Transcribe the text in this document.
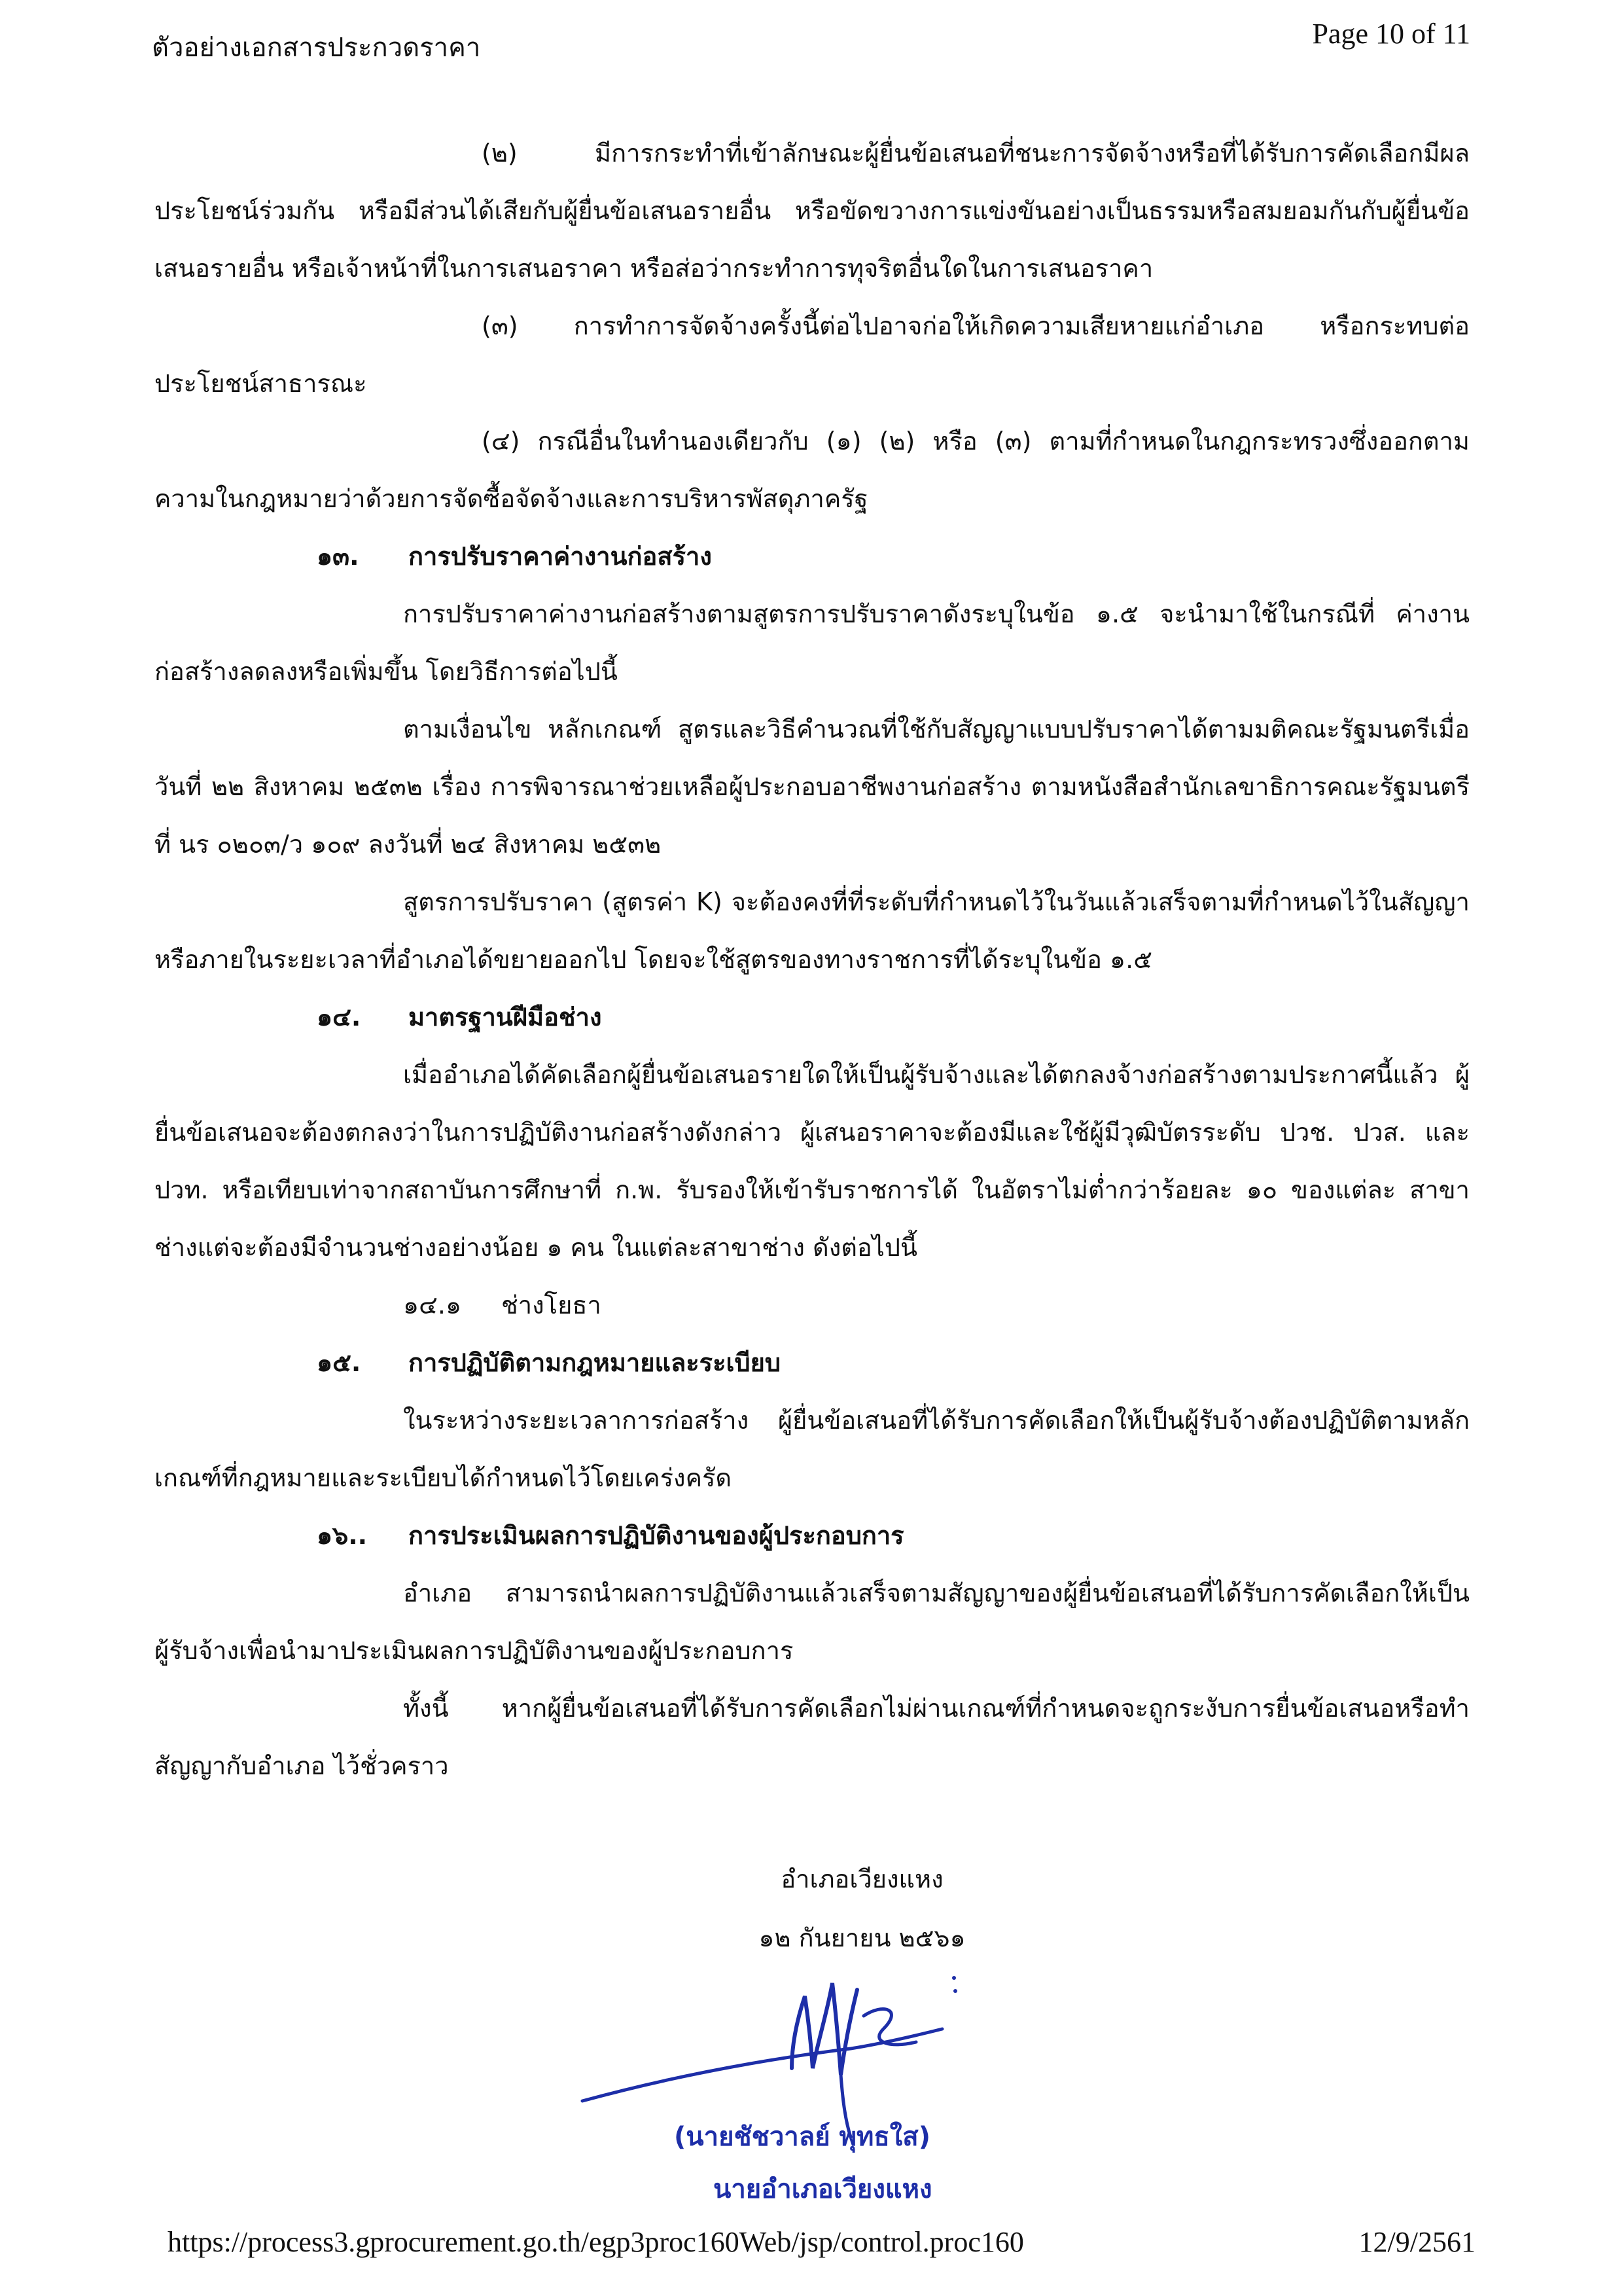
ตัวอย่างเอกสารประกวดราคา	Page 10 of 11

(๒) มีการกระทำที่เข้าลักษณะผู้ยื่นข้อเสนอที่ชนะการจัดจ้างหรือที่ได้รับการคัดเลือกมีผลประโยชน์ร่วมกัน หรือมีส่วนได้เสียกับผู้ยื่นข้อเสนอรายอื่น หรือขัดขวางการแข่งขันอย่างเป็นธรรมหรือสมยอมกันกับผู้ยื่นข้อเสนอรายอื่น หรือเจ้าหน้าที่ในการเสนอราคา หรือส่อว่ากระทำการทุจริตอื่นใดในการเสนอราคา

(๓) การทำการจัดจ้างครั้งนี้ต่อไปอาจก่อให้เกิดความเสียหายแก่อำเภอ หรือกระทบต่อประโยชน์สาธารณะ

(๔) กรณีอื่นในทำนองเดียวกับ (๑) (๒) หรือ (๓) ตามที่กำหนดในกฎกระทรวงซึ่งออกตามความในกฎหมายว่าด้วยการจัดซื้อจัดจ้างและการบริหารพัสดุภาครัฐ

๑๓. การปรับราคาค่างานก่อสร้าง

การปรับราคาค่างานก่อสร้างตามสูตรการปรับราคาดังระบุในข้อ ๑.๕ จะนำมาใช้ในกรณีที่ ค่างานก่อสร้างลดลงหรือเพิ่มขึ้น โดยวิธีการต่อไปนี้

ตามเงื่อนไข หลักเกณฑ์ สูตรและวิธีคำนวณที่ใช้กับสัญญาแบบปรับราคาได้ตามมติคณะรัฐมนตรีเมื่อวันที่ ๒๒ สิงหาคม ๒๕๓๒ เรื่อง การพิจารณาช่วยเหลือผู้ประกอบอาชีพงานก่อสร้าง ตามหนังสือสำนักเลขาธิการคณะรัฐมนตรี ที่ นร ๐๒๐๓/ว ๑๐๙ ลงวันที่ ๒๔ สิงหาคม ๒๕๓๒

สูตรการปรับราคา (สูตรค่า K) จะต้องคงที่ที่ระดับที่กำหนดไว้ในวันแล้วเสร็จตามที่กำหนดไว้ในสัญญา หรือภายในระยะเวลาที่อำเภอได้ขยายออกไป โดยจะใช้สูตรของทางราชการที่ได้ระบุในข้อ ๑.๕

๑๔. มาตรฐานฝีมือช่าง

เมื่ออำเภอได้คัดเลือกผู้ยื่นข้อเสนอรายใดให้เป็นผู้รับจ้างและได้ตกลงจ้างก่อสร้างตามประกาศนี้แล้ว ผู้ยื่นข้อเสนอจะต้องตกลงว่าในการปฏิบัติงานก่อสร้างดังกล่าว ผู้เสนอราคาจะต้องมีและใช้ผู้มีวุฒิบัตรระดับ ปวช. ปวส. และปวท. หรือเทียบเท่าจากสถาบันการศึกษาที่ ก.พ. รับรองให้เข้ารับราชการได้ ในอัตราไม่ต่ำกว่าร้อยละ ๑๐ ของแต่ละ สาขาช่างแต่จะต้องมีจำนวนช่างอย่างน้อย ๑ คน ในแต่ละสาขาช่าง ดังต่อไปนี้

๑๔.๑ ช่างโยธา

๑๕. การปฏิบัติตามกฎหมายและระเบียบ

ในระหว่างระยะเวลาการก่อสร้าง ผู้ยื่นข้อเสนอที่ได้รับการคัดเลือกให้เป็นผู้รับจ้างต้องปฏิบัติตามหลักเกณฑ์ที่กฎหมายและระเบียบได้กำหนดไว้โดยเคร่งครัด

๑๖.. การประเมินผลการปฏิบัติงานของผู้ประกอบการ

อำเภอ สามารถนำผลการปฏิบัติงานแล้วเสร็จตามสัญญาของผู้ยื่นข้อเสนอที่ได้รับการคัดเลือกให้เป็นผู้รับจ้างเพื่อนำมาประเมินผลการปฏิบัติงานของผู้ประกอบการ

ทั้งนี้ หากผู้ยื่นข้อเสนอที่ได้รับการคัดเลือกไม่ผ่านเกณฑ์ที่กำหนดจะถูกระงับการยื่นข้อเสนอหรือทำสัญญากับอำเภอ ไว้ชั่วคราว

อำเภอเวียงแหง
๑๒ กันยายน ๒๕๖๑
(นายชัชวาลย์ พุทธใส)
นายอำเภอเวียงแหง
https://process3.gprocurement.go.th/egp3proc160Web/jsp/control.proc160	12/9/2561
